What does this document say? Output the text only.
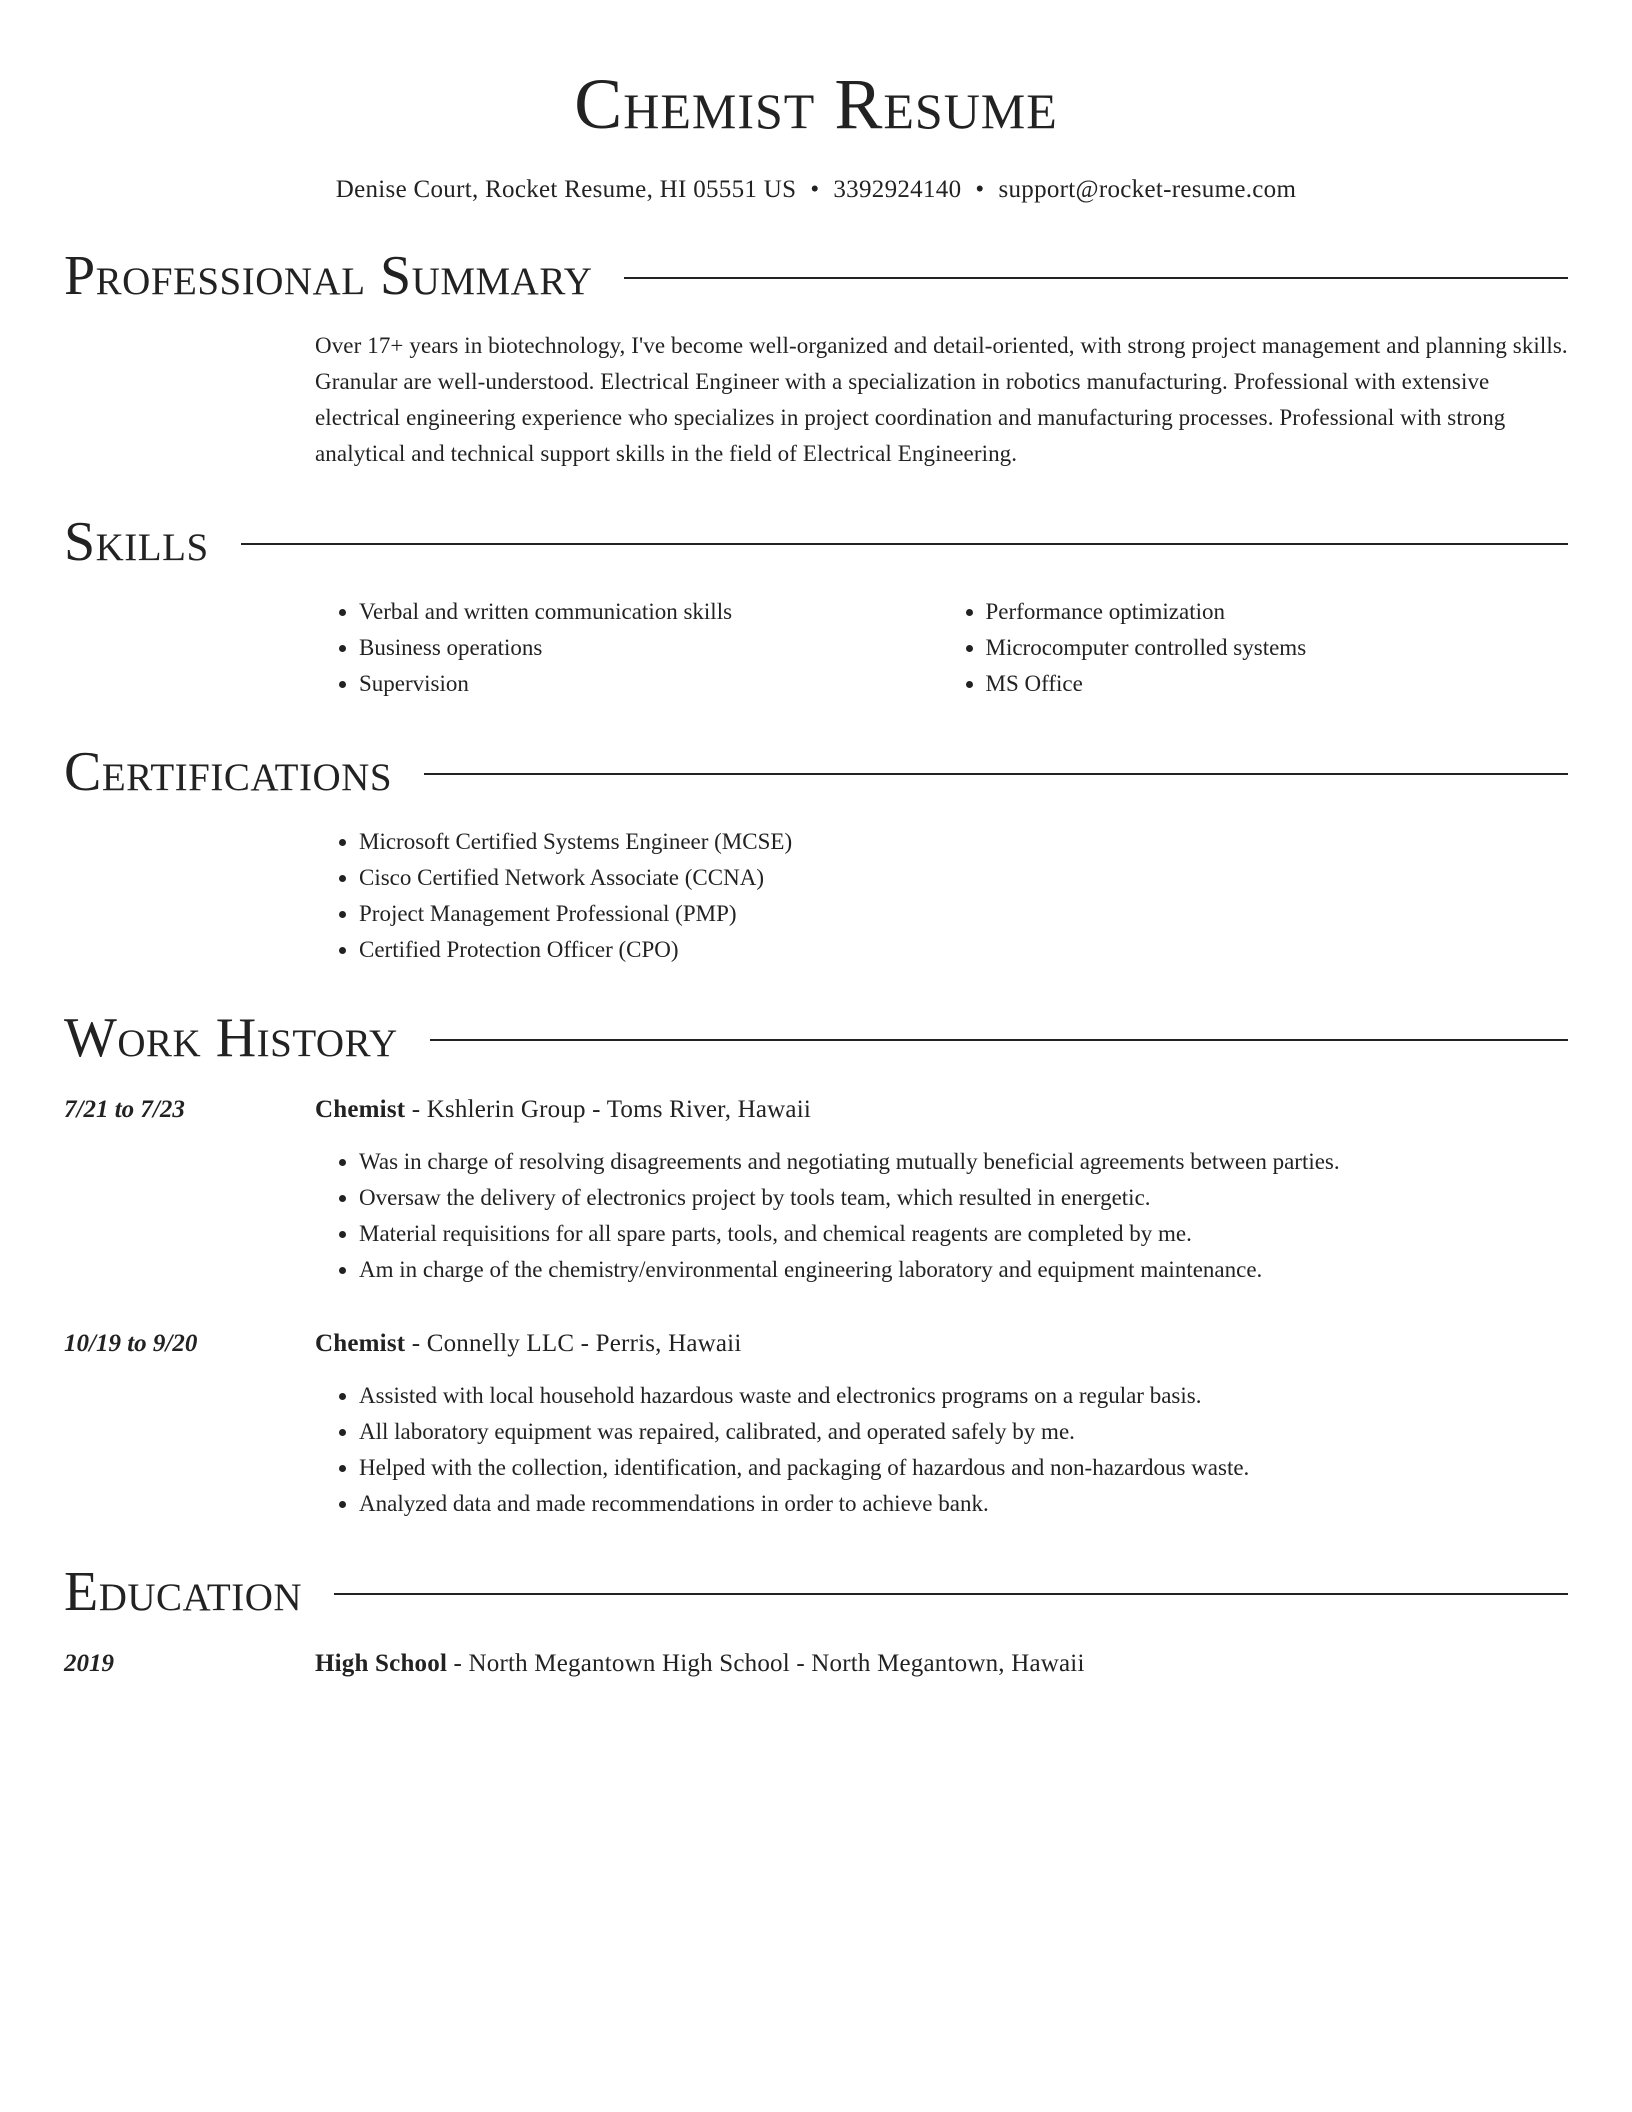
Chemist Resume
Denise Court, Rocket Resume, HI 05551 US • 3392924140 • support@rocket-resume.com
Professional Summary
Over 17+ years in biotechnology, I've become well-organized and detail-oriented, with strong project management and planning skills. Granular are well-understood. Electrical Engineer with a specialization in robotics manufacturing. Professional with extensive electrical engineering experience who specializes in project coordination and manufacturing processes. Professional with strong analytical and technical support skills in the field of Electrical Engineering.
Skills
• Verbal and written communication skills
• Business operations
• Supervision
• Performance optimization
• Microcomputer controlled systems
• MS Office
Certifications
• Microsoft Certified Systems Engineer (MCSE)
• Cisco Certified Network Associate (CCNA)
• Project Management Professional (PMP)
• Certified Protection Officer (CPO)
Work History
7/21 to 7/23	Chemist - Kshlerin Group - Toms River, Hawaii
• Was in charge of resolving disagreements and negotiating mutually beneficial agreements between parties.
• Oversaw the delivery of electronics project by tools team, which resulted in energetic.
• Material requisitions for all spare parts, tools, and chemical reagents are completed by me.
• Am in charge of the chemistry/environmental engineering laboratory and equipment maintenance.
10/19 to 9/20	Chemist - Connelly LLC - Perris, Hawaii
• Assisted with local household hazardous waste and electronics programs on a regular basis.
• All laboratory equipment was repaired, calibrated, and operated safely by me.
• Helped with the collection, identification, and packaging of hazardous and non-hazardous waste.
• Analyzed data and made recommendations in order to achieve bank.
Education
2019	High School - North Megantown High School - North Megantown, Hawaii
